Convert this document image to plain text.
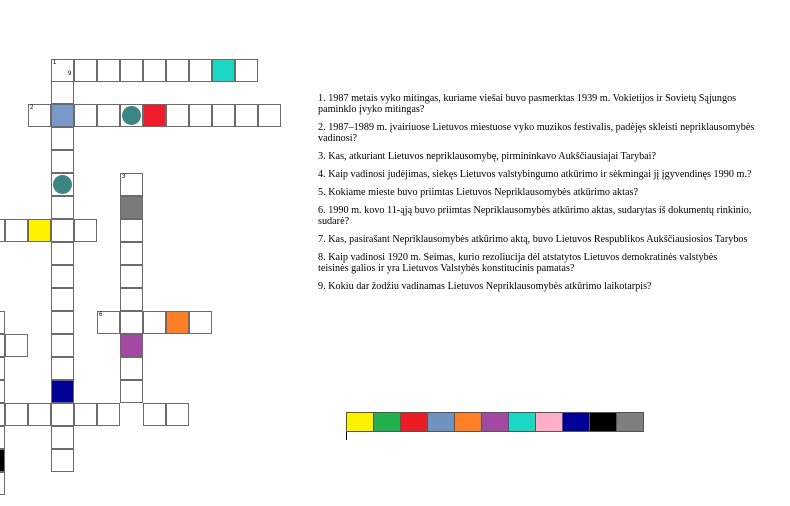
1
9
2
3
6
1. 1987 metais vyko mitingas, kuriame viešai buvo pasmerktas 1939 m. Vokietijos ir Sovietų Sąjungos
paminklo įvyko mitingas?
2. 1987–1989 m. įvairiuose Lietuvos miestuose vyko muzikos festivalis, padėjęs skleisti nepriklausomybės
vadinosi?
3. Kas, atkuriant Lietuvos nepriklausomybę, pirmininkavo Aukščiausiajai Tarybai?
4. Kaip vadinosi judėjimas, siekęs Lietuvos valstybingumo atkūrimo ir sėkmingai jį įgyvendinęs 1990 m.?
5. Kokiame mieste buvo priimtas Lietuvos Nepriklausomybės atkūrimo aktas?
6. 1990 m. kovo 11-ąją buvo priimtas Nepriklausomybės atkūrimo aktas, sudarytas iš dokumentų rinkinio,
sudarė?
7. Kas, pasirašant Nepriklausomybės atkūrimo aktą, buvo Lietuvos Respublikos Aukščiausiosios Tarybos
8. Kaip vadinosi 1920 m. Seimas, kurio rezoliucija dėl atstatytos Lietuvos demokratinės valstybės
teisinės galios ir yra Lietuvos Valstybės konstitucinis pamatas?
9. Kokiu dar žodžiu vadinamas Lietuvos Nepriklausomybės atkūrimo laikotarpis?
